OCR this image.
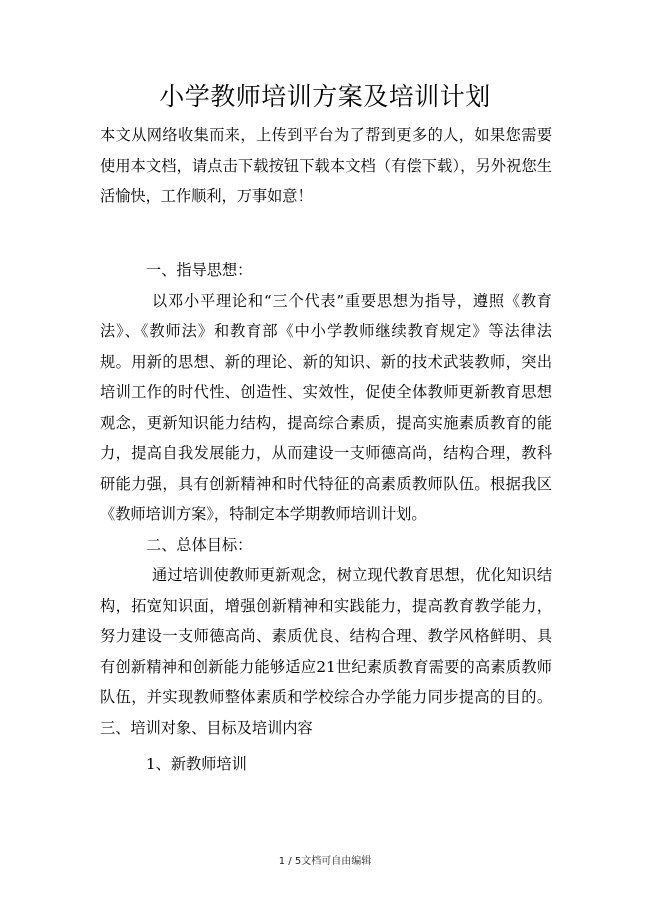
小学教师培训方案及培训计划

本文从网络收集而来，上传到平台为了帮到更多的人，如果您需要使用本文档，请点击下载按钮下载本文档（有偿下载），另外祝您生活愉快，工作顺利，万事如意！

一、指导思想：

以邓小平理论和“三个代表”重要思想为指导，遵照《教育法》、《教师法》和教育部《中小学教师继续教育规定》等法律法规。用新的思想、新的理论、新的知识、新的技术武装教师，突出培训工作的时代性、创造性、实效性，促使全体教师更新教育思想观念，更新知识能力结构，提高综合素质，提高实施素质教育的能力，提高自我发展能力，从而建设一支师德高尚，结构合理，教科研能力强，具有创新精神和时代特征的高素质教师队伍。根据我区《教师培训方案》，特制定本学期教师培训计划。

二、总体目标：

通过培训使教师更新观念，树立现代教育思想，优化知识结构，拓宽知识面，增强创新精神和实践能力，提高教育教学能力，努力建设一支师德高尚、素质优良、结构合理、教学风格鲜明、具有创新精神和创新能力能够适应21世纪素质教育需要的高素质教师队伍，并实现教师整体素质和学校综合办学能力同步提高的目的。 三、培训对象、目标及培训内容

1、新教师培训

1 / 5文档可自由编辑
